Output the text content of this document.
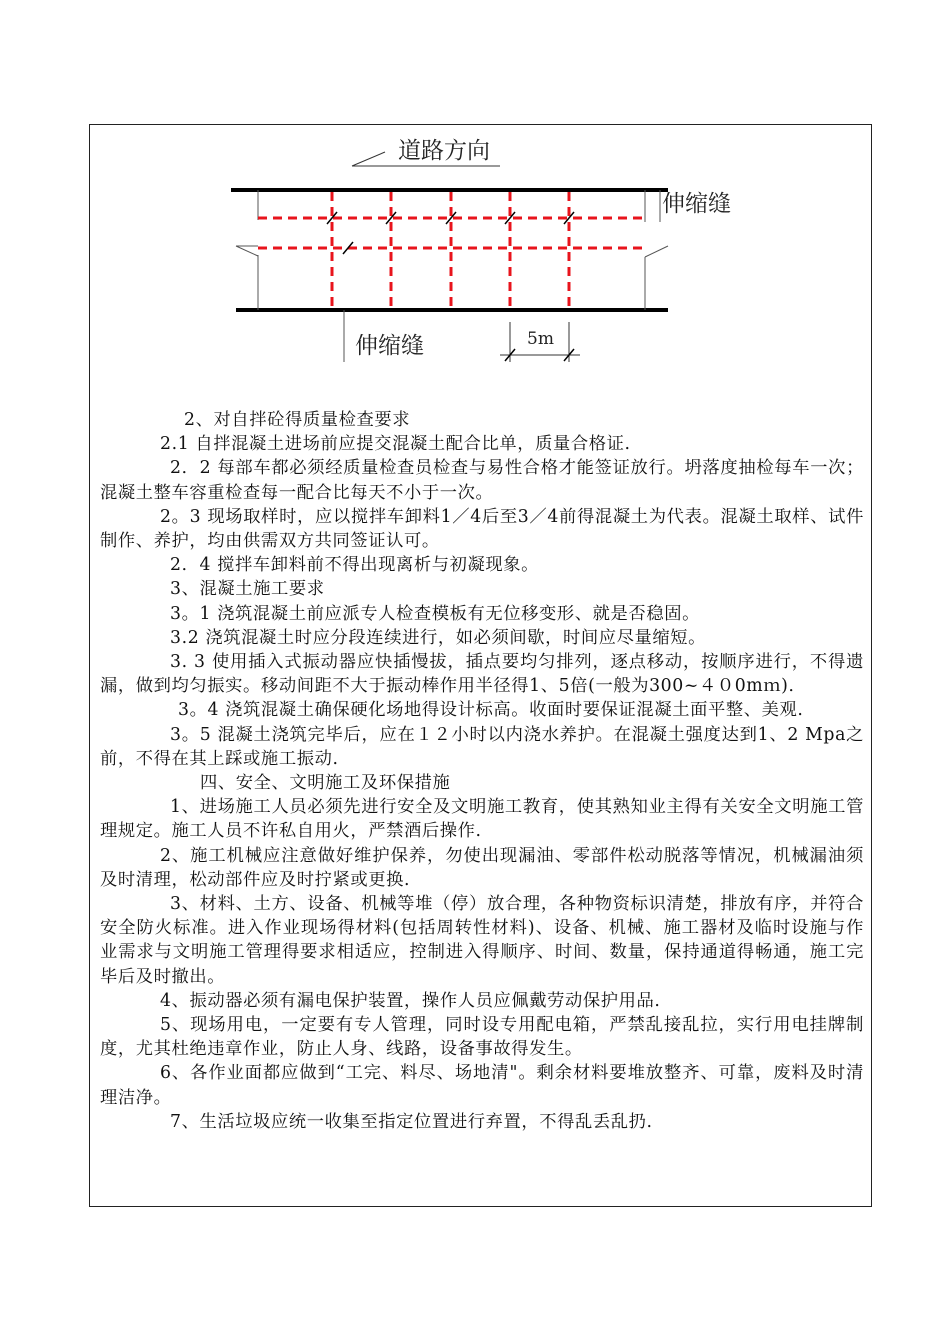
道路方向
伸缩缝
伸缩缝	5m

2、对自拌砼得质量检查要求

2.1 自拌混凝土进场前应提交混凝土配合比单，质量合格证.

2．2 每部车都必须经质量检查员检查与易性合格才能签证放行。坍落度抽检每车一次；混凝土整车容重检查每一配合比每天不小于一次。

2。3 现场取样时，应以搅拌车卸料1／4后至3／4前得混凝土为代表。混凝土取样、试件制作、养护，均由供需双方共同签证认可。

2．4 搅拌车卸料前不得出现离析与初凝现象。

3、混凝土施工要求

3。1 浇筑混凝土前应派专人检查模板有无位移变形、就是否稳固。

3.2 浇筑混凝土时应分段连续进行，如必须间歇，时间应尽量缩短。

3. 3 使用插入式振动器应快插慢拔，插点要均匀排列，逐点移动，按顺序进行，不得遗漏，做到均匀振实。移动间距不大于振动棒作用半径得1、5倍(一般为300~４０0mｍ)．

3。4 浇筑混凝土确保硬化场地得设计标高。收面时要保证混凝土面平整、美观.

3。5 混凝土浇筑完毕后，应在１２小时以内浇水养护。在混凝土强度达到1、2 Mpa之前，不得在其上踩或施工振动.

四、安全、文明施工及环保措施

1、进场施工人员必须先进行安全及文明施工教育，使其熟知业主得有关安全文明施工管理规定。施工人员不许私自用火，严禁酒后操作.

2、施工机械应注意做好维护保养，勿使出现漏油、零部件松动脱落等情况，机械漏油须及时清理，松动部件应及时拧紧或更换.

3、材料、土方、设备、机械等堆（停）放合理，各种物资标识清楚，排放有序，并符合安全防火标准。进入作业现场得材料(包括周转性材料)、设备、机械、施工器材及临时设施与作业需求与文明施工管理得要求相适应，控制进入得顺序、时间、数量，保持通道得畅通，施工完毕后及时撤出。

4、振动器必须有漏电保护装置，操作人员应佩戴劳动保护用品.

5、现场用电，一定要有专人管理，同时设专用配电箱，严禁乱接乱拉，实行用电挂牌制度，尤其杜绝违章作业，防止人身、线路，设备事故得发生。

6、各作业面都应做到“工完、料尽、场地清"。剩余材料要堆放整齐、可靠，废料及时清理洁净。

7、生活垃圾应统一收集至指定位置进行弃置，不得乱丢乱扔.
